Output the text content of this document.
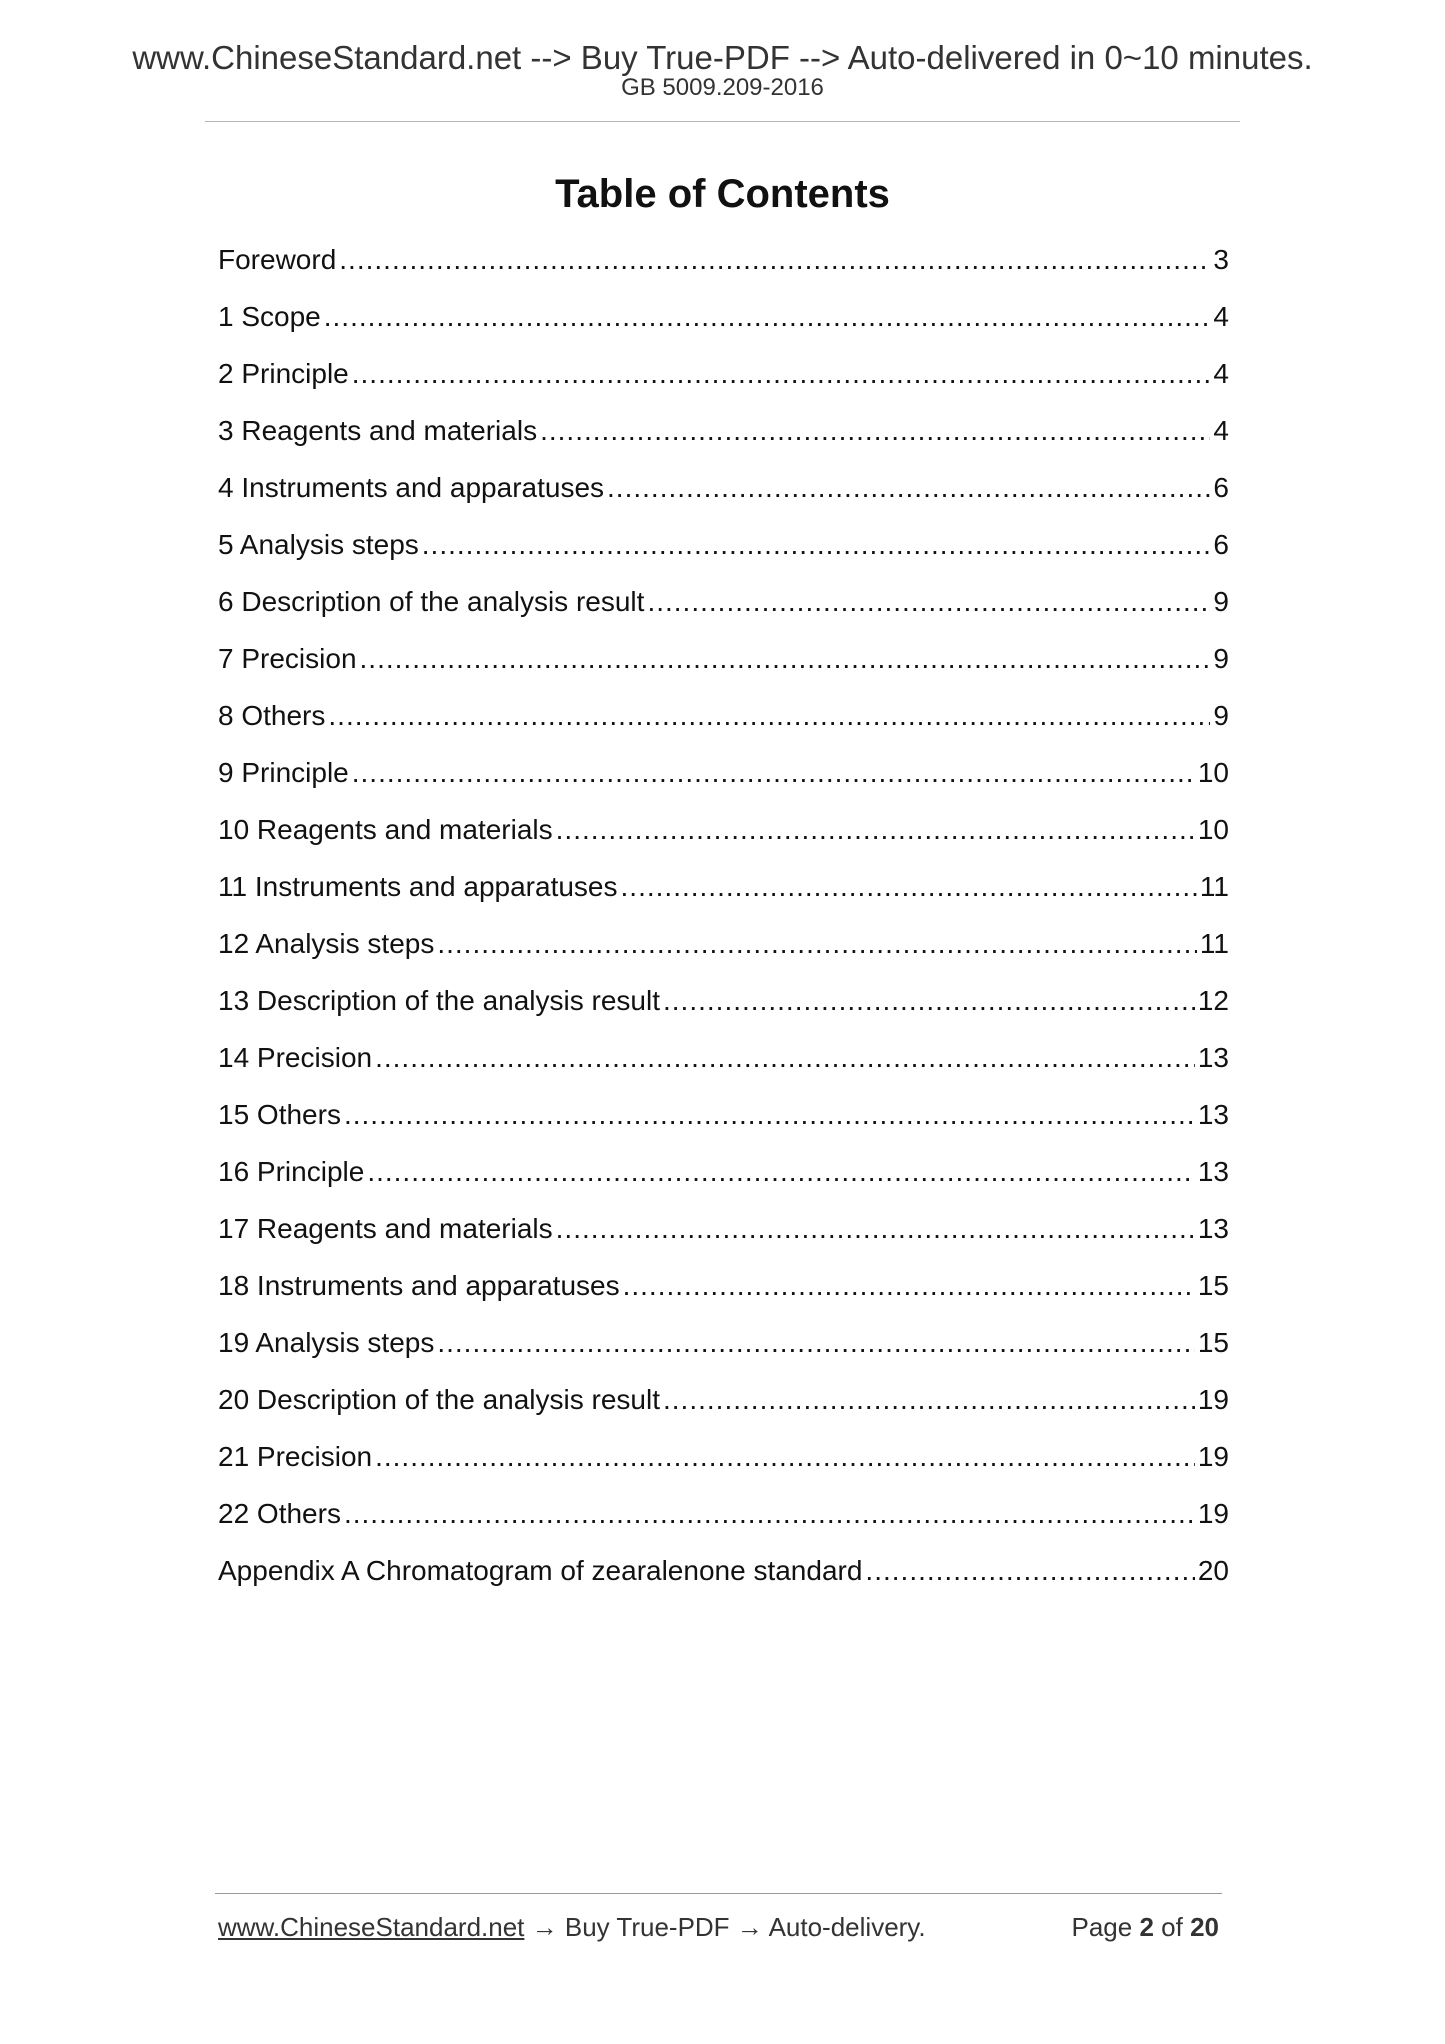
www.ChineseStandard.net --> Buy True-PDF --> Auto-delivered in 0~10 minutes.
GB 5009.209-2016
Table of Contents
Foreword .....	3
1 Scope .....	4
2 Principle .....	4
3 Reagents and materials .....	4
4 Instruments and apparatuses .....	6
5 Analysis steps .....	6
6 Description of the analysis result .....	9
7 Precision .....	9
8 Others .....	9
9 Principle .....	10
10 Reagents and materials .....	10
11 Instruments and apparatuses .....	11
12 Analysis steps .....	11
13 Description of the analysis result .....	12
14 Precision .....	13
15 Others .....	13
16 Principle .....	13
17 Reagents and materials .....	13
18 Instruments and apparatuses .....	15
19 Analysis steps .....	15
20 Description of the analysis result .....	19
21 Precision .....	19
22 Others .....	19
Appendix A Chromatogram of zearalenone standard .....	20
www.ChineseStandard.net → Buy True-PDF → Auto-delivery.	Page 2 of 20
